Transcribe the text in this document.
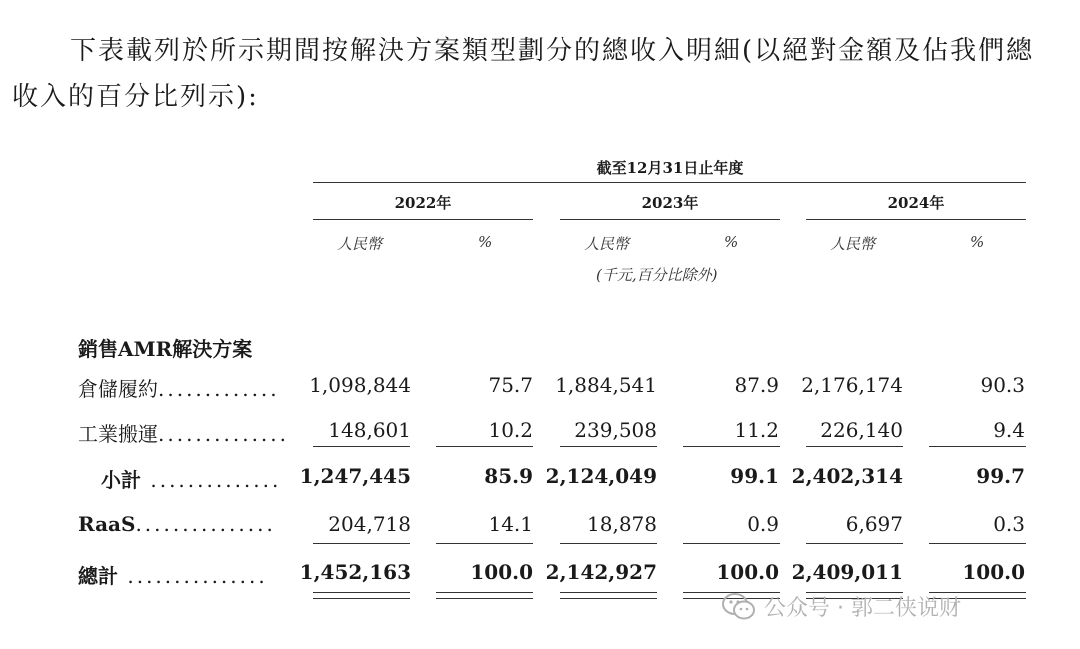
下表載列於所示期間按解決方案類型劃分的總收入明細(以絕對金額及佔我們總
收入的百分比列示):
截至12月31日止年度
2022年	2023年	2024年
人民幣	%	人民幣	%	人民幣	%
(千元,百分比除外)
銷售AMR解決方案
倉儲履約.............	1,098,844	75.7	1,884,541	87.9	2,176,174	90.3
工業搬運..............	148,601	10.2	239,508	11.2	226,140	9.4
小計 .............. 1,247,445	85.9 2,124,049	99.1 2,402,314	99.7
RaaS...............	204,718	14.1	18,878	0.9	6,697	0.3
總計 ...............	1,452,163	100.0 2,142,927	100.0 2,409,011	100.0
公众号 · 郭二侠说财
